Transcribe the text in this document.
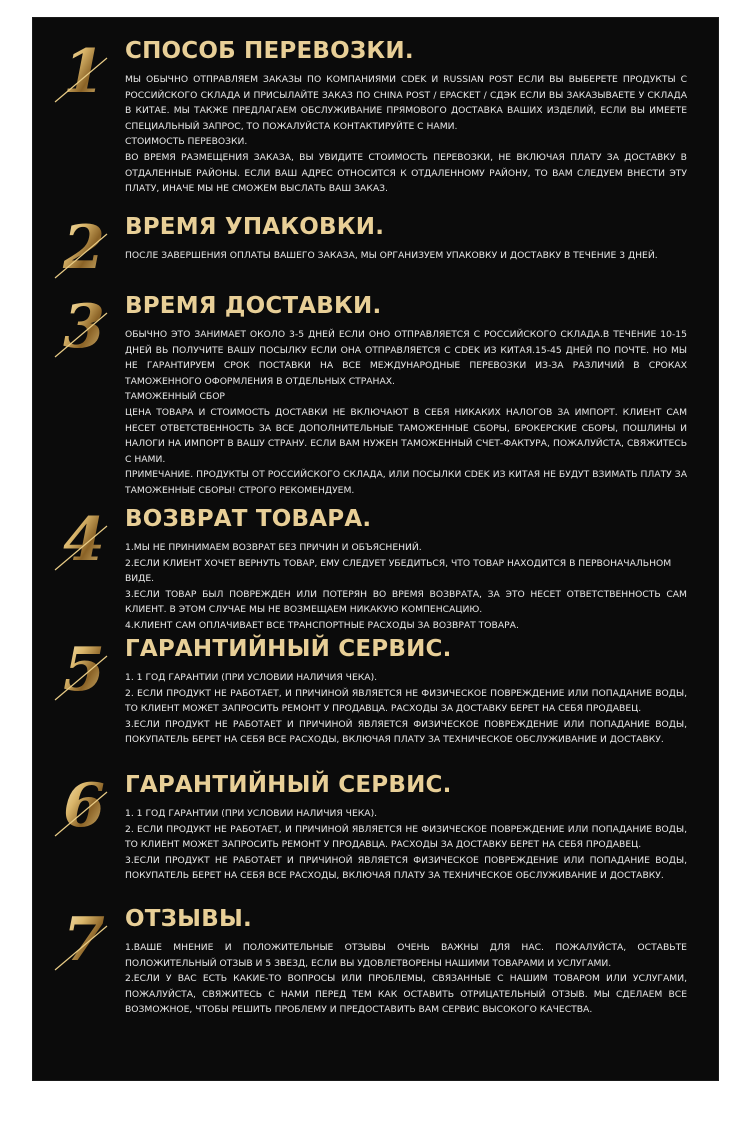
1 СПОСОБ ПЕРЕВОЗКИ.

МЫ ОБЫЧНО ОТПРАВЛЯЕМ ЗАКАЗЫ ПО КОМПАНИЯМИ CDEK И RUSSIAN POST ЕСЛИ ВЫ ВЫБЕРЕТЕ ПРОДУКТЫ С РОССИЙСКОГО СКЛАДА И ПРИСЫЛАЙТЕ ЗАКАЗ ПО CHINA POST / EPACKET / СДЭК ЕСЛИ ВЫ ЗАКАЗЫВАЕТЕ У СКЛАДА В КИТАЕ. МЫ ТАКЖЕ ПРЕДЛАГАЕМ ОБСЛУЖИВАНИЕ ПРЯМОВОГО ДОСТАВКА ВАШИХ ИЗДЕЛИЙ, ЕСЛИ ВЫ ИМЕЕТЕ СПЕЦИАЛЬНЫЙ ЗАПРОС, ТО ПОЖАЛУЙСТА КОНТАКТИРУЙТЕ С НАМИ.

СТОИМОСТЬ ПЕРЕВОЗКИ.

ВО ВРЕМЯ РАЗМЕЩЕНИЯ ЗАКАЗА, ВЫ УВИДИТЕ СТОИМОСТЬ ПЕРЕВОЗКИ, НЕ ВКЛЮЧАЯ ПЛАТУ ЗА ДОСТАВКУ В ОТДАЛЕННЫЕ РАЙОНЫ. ЕСЛИ ВАШ АДРЕС ОТНОСИТСЯ К ОТДАЛЕННОМУ РАЙОНУ, ТО ВАМ СЛЕДУЕМ ВНЕСТИ ЭТУ ПЛАТУ, ИНАЧЕ МЫ НЕ СМОЖЕМ ВЫСЛАТЬ ВАШ ЗАКАЗ.

2 ВРЕМЯ УПАКОВКИ.

ПОСЛЕ ЗАВЕРШЕНИЯ ОПЛАТЫ ВАШЕГО ЗАКАЗА, МЫ ОРГАНИЗУЕМ УПАКОВКУ И ДОСТАВКУ В ТЕЧЕНИЕ 3 ДНЕЙ.

3 ВРЕМЯ ДОСТАВКИ.

ОБЫЧНО ЭТО ЗАНИМАЕТ ОКОЛО 3-5 ДНЕЙ ЕСЛИ ОНО ОТПРАВЛЯЕТСЯ С РОССИЙСКОГО СКЛАДА.В ТЕЧЕНИЕ 10-15 ДНЕЙ ВЬ ПОЛУЧИТЕ ВАШУ ПОСЫЛКУ ЕСЛИ ОНА ОТПРАВЛЯЕТСЯ С CDEK ИЗ КИТАЯ.15-45 ДНЕЙ ПО ПОЧТЕ. НО МЫ НЕ ГАРАНТИРУЕМ СРОК ПОСТАВКИ НА ВСЕ МЕЖДУНАРОДНЫЕ ПЕРЕВОЗКИ ИЗ-ЗА РАЗЛИЧИЙ В СРОКАХ ТАМОЖЕННОГО ОФОРМЛЕНИЯ В ОТДЕЛЬНЫХ СТРАНАХ.

ТАМОЖЕННЫЙ СБОР

ЦЕНА ТОВАРА И СТОИМОСТЬ ДОСТАВКИ НЕ ВКЛЮЧАЮТ В СЕБЯ НИКАКИХ НАЛОГОВ ЗА ИМПОРТ. КЛИЕНТ САМ НЕСЕТ ОТВЕТСТВЕННОСТЬ ЗА ВСЕ ДОПОЛНИТЕЛЬНЫЕ ТАМОЖЕННЫЕ СБОРЫ, БРОКЕРСКИЕ СБОРЫ, ПОШЛИНЫ И НАЛОГИ НА ИМПОРТ В ВАШУ СТРАНУ. ЕСЛИ ВАМ НУЖЕН ТАМОЖЕННЫЙ СЧЕТ-ФАКТУРА, ПОЖАЛУЙСТА, СВЯЖИТЕСЬ С НАМИ.

ПРИМЕЧАНИЕ. ПРОДУКТЫ ОТ РОССИЙСКОГО СКЛАДА, ИЛИ ПОСЫЛКИ CDEK ИЗ КИТАЯ НЕ БУДУТ ВЗИМАТЬ ПЛАТУ ЗА ТАМОЖЕННЫЕ СБОРЫ! СТРОГО РЕКОМЕНДУЕМ.

4 ВОЗВРАТ ТОВАРА.

1.МЫ НЕ ПРИНИМАЕМ ВОЗВРАТ БЕЗ ПРИЧИН И ОБЪЯСНЕНИЙ.

2.ЕСЛИ КЛИЕНТ ХОЧЕТ ВЕРНУТЬ ТОВАР, ЕМУ СЛЕДУЕТ УБЕДИТЬСЯ, ЧТО ТОВАР НАХОДИТСЯ В ПЕРВОНАЧАЛЬНОМ ВИДЕ.

3.ЕСЛИ ТОВАР БЫЛ ПОВРЕЖДЕН ИЛИ ПОТЕРЯН ВО ВРЕМЯ ВОЗВРАТА, ЗА ЭТО НЕСЕТ ОТВЕТСТВЕННОСТЬ САМ КЛИЕНТ. В ЭТОМ СЛУЧАЕ МЫ НЕ ВОЗМЕЩАЕМ НИКАКУЮ КОМПЕНСАЦИЮ.

4.КЛИЕНТ САМ ОПЛАЧИВАЕТ ВСЕ ТРАНСПОРТНЫЕ РАСХОДЫ ЗА ВОЗВРАТ ТОВАРА.

5 ГАРАНТИЙНЫЙ СЕРВИС.

1. 1 ГОД ГАРАНТИИ (ПРИ УСЛОВИИ НАЛИЧИЯ ЧЕКА).

2. ЕСЛИ ПРОДУКТ НЕ РАБОТАЕТ, И ПРИЧИНОЙ ЯВЛЯЕТСЯ НЕ ФИЗИЧЕСКОЕ ПОВРЕЖДЕНИЕ ИЛИ ПОПАДАНИЕ ВОДЫ, ТО КЛИЕНТ МОЖЕТ ЗАПРОСИТЬ РЕМОНТ У ПРОДАВЦА. РАСХОДЫ ЗА ДОСТАВКУ БЕРЕТ НА СЕБЯ ПРОДАВЕЦ.

3.ЕСЛИ ПРОДУКТ НЕ РАБОТАЕТ И ПРИЧИНОЙ ЯВЛЯЕТСЯ ФИЗИЧЕСКОЕ ПОВРЕЖДЕНИЕ ИЛИ ПОПАДАНИЕ ВОДЫ, ПОКУПАТЕЛЬ БЕРЕТ НА СЕБЯ ВСЕ РАСХОДЫ, ВКЛЮЧАЯ ПЛАТУ ЗА ТЕХНИЧЕСКОЕ ОБСЛУЖИВАНИЕ И ДОСТАВКУ.

6 ГАРАНТИЙНЫЙ СЕРВИС.

1. 1 ГОД ГАРАНТИИ (ПРИ УСЛОВИИ НАЛИЧИЯ ЧЕКА).

2. ЕСЛИ ПРОДУКТ НЕ РАБОТАЕТ, И ПРИЧИНОЙ ЯВЛЯЕТСЯ НЕ ФИЗИЧЕСКОЕ ПОВРЕЖДЕНИЕ ИЛИ ПОПАДАНИЕ ВОДЫ, ТО КЛИЕНТ МОЖЕТ ЗАПРОСИТЬ РЕМОНТ У ПРОДАВЦА. РАСХОДЫ ЗА ДОСТАВКУ БЕРЕТ НА СЕБЯ ПРОДАВЕЦ.

3.ЕСЛИ ПРОДУКТ НЕ РАБОТАЕТ И ПРИЧИНОЙ ЯВЛЯЕТСЯ ФИЗИЧЕСКОЕ ПОВРЕЖДЕНИЕ ИЛИ ПОПАДАНИЕ ВОДЫ, ПОКУПАТЕЛЬ БЕРЕТ НА СЕБЯ ВСЕ РАСХОДЫ, ВКЛЮЧАЯ ПЛАТУ ЗА ТЕХНИЧЕСКОЕ ОБСЛУЖИВАНИЕ И ДОСТАВКУ.

7 ОТЗЫВЫ.

1.ВАШЕ МНЕНИЕ И ПОЛОЖИТЕЛЬНЫЕ ОТЗЫВЫ ОЧЕНЬ ВАЖНЫ ДЛЯ НАС. ПОЖАЛУЙСТА, ОСТАВЬТЕ ПОЛОЖИТЕЛЬНЫЙ ОТЗЫВ И 5 ЗВЕЗД, ЕСЛИ ВЫ УДОВЛЕТВОРЕНЫ НАШИМИ ТОВАРАМИ И УСЛУГАМИ.

2.ЕСЛИ У ВАС ЕСТЬ КАКИЕ-ТО ВОПРОСЫ ИЛИ ПРОБЛЕМЫ, СВЯЗАННЫЕ С НАШИМ ТОВАРОМ ИЛИ УСЛУГАМИ, ПОЖАЛУЙСТА, СВЯЖИТЕСЬ С НАМИ ПЕРЕД ТЕМ КАК ОСТАВИТЬ ОТРИЦАТЕЛЬНЫЙ ОТЗЫВ. МЫ СДЕЛАЕМ ВСЕ ВОЗМОЖНОЕ, ЧТОБЫ РЕШИТЬ ПРОБЛЕМУ И ПРЕДОСТАВИТЬ ВАМ СЕРВИС ВЫСОКОГО КАЧЕСТВА.
